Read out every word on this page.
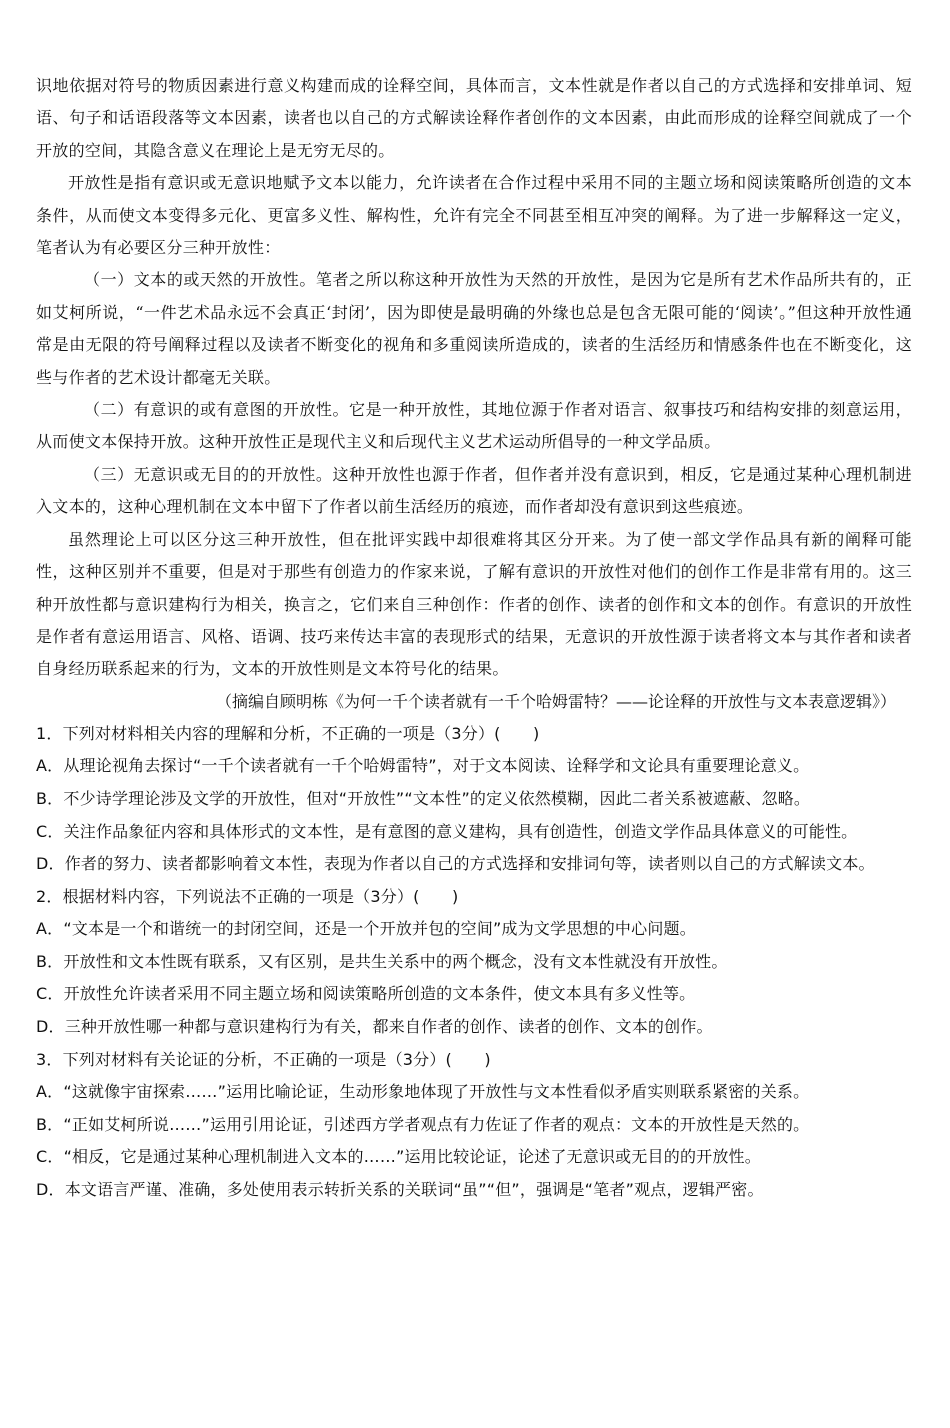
识地依据对符号的物质因素进行意义构建而成的诠释空间，具体而言，文本性就是作者以自己的方式选择和安排单词、短语、句子和话语段落等文本因素，读者也以自己的方式解读诠释作者创作的文本因素，由此而形成的诠释空间就成了一个开放的空间，其隐含意义在理论上是无穷无尽的。

开放性是指有意识或无意识地赋予文本以能力，允许读者在合作过程中采用不同的主题立场和阅读策略所创造的文本条件，从而使文本变得多元化、更富多义性、解构性，允许有完全不同甚至相互冲突的阐释。为了进一步解释这一定义，笔者认为有必要区分三种开放性：

（一）文本的或天然的开放性。笔者之所以称这种开放性为天然的开放性，是因为它是所有艺术作品所共有的，正如艾柯所说，“一件艺术品永远不会真正‘封闭’，因为即使是最明确的外缘也总是包含无限可能的‘阅读’。”但这种开放性通常是由无限的符号阐释过程以及读者不断变化的视角和多重阅读所造成的，读者的生活经历和情感条件也在不断变化，这些与作者的艺术设计都毫无关联。

（二）有意识的或有意图的开放性。它是一种开放性，其地位源于作者对语言、叙事技巧和结构安排的刻意运用，从而使文本保持开放。这种开放性正是现代主义和后现代主义艺术运动所倡导的一种文学品质。

（三）无意识或无目的的开放性。这种开放性也源于作者，但作者并没有意识到，相反，它是通过某种心理机制进入文本的，这种心理机制在文本中留下了作者以前生活经历的痕迹，而作者却没有意识到这些痕迹。

虽然理论上可以区分这三种开放性，但在批评实践中却很难将其区分开来。为了使一部文学作品具有新的阐释可能性，这种区别并不重要，但是对于那些有创造力的作家来说，了解有意识的开放性对他们的创作工作是非常有用的。这三种开放性都与意识建构行为相关，换言之，它们来自三种创作：作者的创作、读者的创作和文本的创作。有意识的开放性是作者有意运用语言、风格、语调、技巧来传达丰富的表现形式的结果，无意识的开放性源于读者将文本与其作者和读者自身经历联系起来的行为，文本的开放性则是文本符号化的结果。

（摘编自顾明栋《为何一千个读者就有一千个哈姆雷特？——论诠释的开放性与文本表意逻辑》）

1．下列对材料相关内容的理解和分析，不正确的一项是（3分）(　　)

A．从理论视角去探讨“一千个读者就有一千个哈姆雷特”，对于文本阅读、诠释学和文论具有重要理论意义。

B．不少诗学理论涉及文学的开放性，但对“开放性”“文本性”的定义依然模糊，因此二者关系被遮蔽、忽略。

C．关注作品象征内容和具体形式的文本性，是有意图的意义建构，具有创造性，创造文学作品具体意义的可能性。

D．作者的努力、读者都影响着文本性，表现为作者以自己的方式选择和安排词句等，读者则以自己的方式解读文本。

2．根据材料内容，下列说法不正确的一项是（3分）(　　)

A．“文本是一个和谐统一的封闭空间，还是一个开放并包的空间”成为文学思想的中心问题。

B．开放性和文本性既有联系，又有区别，是共生关系中的两个概念，没有文本性就没有开放性。

C．开放性允许读者采用不同主题立场和阅读策略所创造的文本条件，使文本具有多义性等。

D．三种开放性哪一种都与意识建构行为有关，都来自作者的创作、读者的创作、文本的创作。

3．下列对材料有关论证的分析，不正确的一项是（3分）(　　)

A．“这就像宇宙探索……”运用比喻论证，生动形象地体现了开放性与文本性看似矛盾实则联系紧密的关系。

B．“正如艾柯所说……”运用引用论证，引述西方学者观点有力佐证了作者的观点：文本的开放性是天然的。

C．“相反，它是通过某种心理机制进入文本的……”运用比较论证，论述了无意识或无目的的开放性。

D．本文语言严谨、准确，多处使用表示转折关系的关联词“虽”“但”，强调是“笔者”观点，逻辑严密。
